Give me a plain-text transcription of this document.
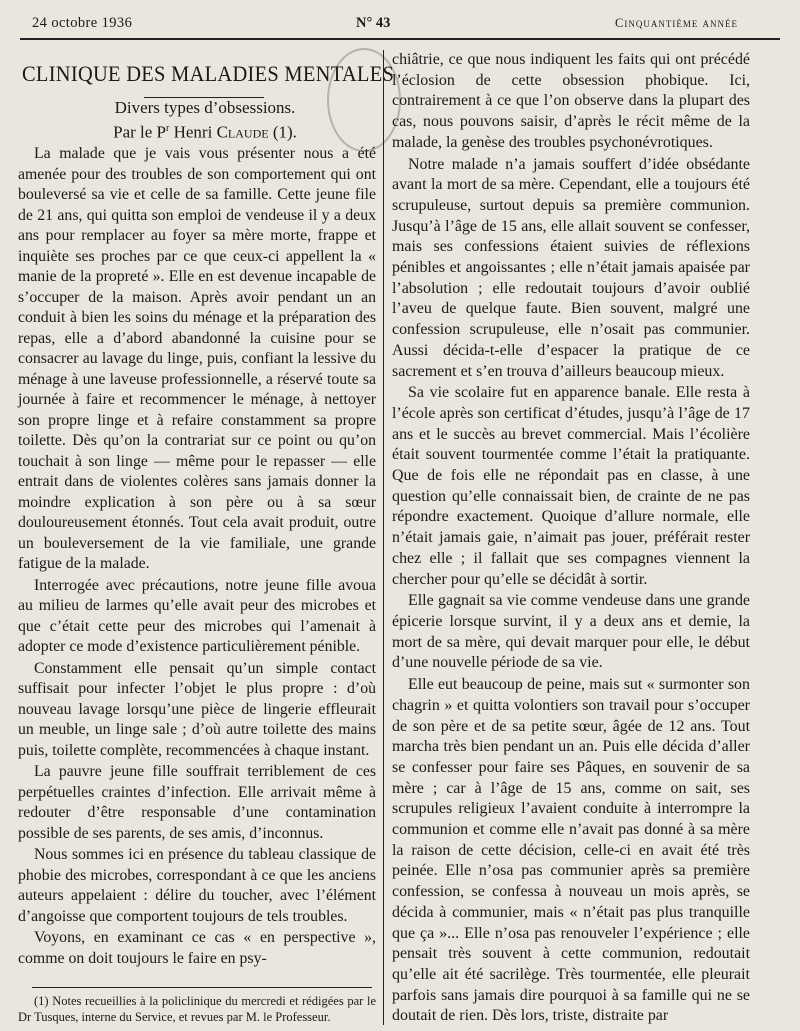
24 octobre 1936	N° 43	Cinquantième année
CLINIQUE DES MALADIES MENTALES

Divers types d’obsessions.

Par le $P^r$ Henri Claude (1).

La malade que je vais vous présenter nous a été amenée pour des troubles de son comportement qui ont bouleversé sa vie et celle de sa famille. Cette jeune file de 21 ans, qui quitta son emploi de vendeuse il y a deux ans pour remplacer au foyer sa mère morte, frappe et inquiète ses proches par ce que ceux-ci appellent la « manie de la propreté ». Elle en est devenue incapable de s’occuper de la maison. Après avoir pendant un an conduit à bien les soins du ménage et la préparation des repas, elle a d’abord abandonné la cuisine pour se consacrer au lavage du linge, puis, confiant la lessive du ménage à une laveuse professionnelle, a réservé toute sa journée à faire et recommencer le ménage, à nettoyer son propre linge et à refaire constamment sa propre toilette. Dès qu’on la contrariat sur ce point ou qu’on touchait à son linge — même pour le repasser — elle entrait dans de violentes colères sans jamais donner la moindre explication à son père ou à sa sœur douloureusement étonnés. Tout cela avait produit, outre un bouleversement de la vie familiale, une grande fatigue de la malade.

Interrogée avec précautions, notre jeune fille avoua au milieu de larmes qu’elle avait peur des microbes et que c’était cette peur des microbes qui l’amenait à adopter ce mode d’existence particulièrement pénible.

Constamment elle pensait qu’un simple contact suffisait pour infecter l’objet le plus propre : d’où nouveau lavage lorsqu’une pièce de lingerie effleurait un meuble, un linge sale ; d’où autre toilette des mains puis, toilette complète, recommencées à chaque instant.

La pauvre jeune fille souffrait terriblement de ces perpétuelles craintes d’infection. Elle arrivait même à redouter d’être responsable d’une contamination possible de ses parents, de ses amis, d’inconnus.

Nous sommes ici en présence du tableau classique de phobie des microbes, correspondant à ce que les anciens auteurs appelaient : délire du toucher, avec l’élément d’angoisse que comportent toujours de tels troubles.

Voyons, en examinant ce cas « en perspective », comme on doit toujours le faire en psy-

(1) Notes recueillies à la policlinique du mercredi et rédigées par le Dr Tusques, interne du Service, et revues par M. le Professeur.

chiâtrie, ce que nous indiquent les faits qui ont précédé l’éclosion de cette obsession phobique. Ici, contrairement à ce que l’on observe dans la plupart des cas, nous pouvons saisir, d’après le récit même de la malade, la genèse des troubles psychonévrotiques.

Notre malade n’a jamais souffert d’idée obsédante avant la mort de sa mère. Cependant, elle a toujours été scrupuleuse, surtout depuis sa première communion. Jusqu’à l’âge de 15 ans, elle allait souvent se confesser, mais ses confessions étaient suivies de réflexions pénibles et angoissantes ; elle n’était jamais apaisée par l’absolution ; elle redoutait toujours d’avoir oublié l’aveu de quelque faute. Bien souvent, malgré une confession scrupuleuse, elle n’osait pas communier. Aussi décida-t-elle d’espacer la pratique de ce sacrement et s’en trouva d’ailleurs beaucoup mieux.

Sa vie scolaire fut en apparence banale. Elle resta à l’école après son certificat d’études, jusqu’à l’âge de 17 ans et le succès au brevet commercial. Mais l’écolière était souvent tourmentée comme l’était la pratiquante. Que de fois elle ne répondait pas en classe, à une question qu’elle connaissait bien, de crainte de ne pas répondre exactement. Quoique d’allure normale, elle n’était jamais gaie, n’aimait pas jouer, préférait rester chez elle ; il fallait que ses compagnes viennent la chercher pour qu’elle se décidât à sortir.

Elle gagnait sa vie comme vendeuse dans une grande épicerie lorsque survint, il y a deux ans et demie, la mort de sa mère, qui devait marquer pour elle, le début d’une nouvelle période de sa vie.

Elle eut beaucoup de peine, mais sut « surmonter son chagrin » et quitta volontiers son travail pour s’occuper de son père et de sa petite sœur, âgée de 12 ans. Tout marcha très bien pendant un an. Puis elle décida d’aller se confesser pour faire ses Pâques, en souvenir de sa mère ; car à l’âge de 15 ans, comme on sait, ses scrupules religieux l’avaient conduite à interrompre la communion et comme elle n’avait pas donné à sa mère la raison de cette décision, celle-ci en avait été très peinée. Elle n’osa pas communier après sa première confession, se confessa à nouveau un mois après, se décida à communier, mais « n’était pas plus tranquille que ça »... Elle n’osa pas renouveler l’expérience ; elle pensait très souvent à cette communion, redoutait qu’elle ait été sacrilège. Très tourmentée, elle pleurait parfois sans jamais dire pourquoi à sa famille qui ne se doutait de rien. Dès lors, triste, distraite par
